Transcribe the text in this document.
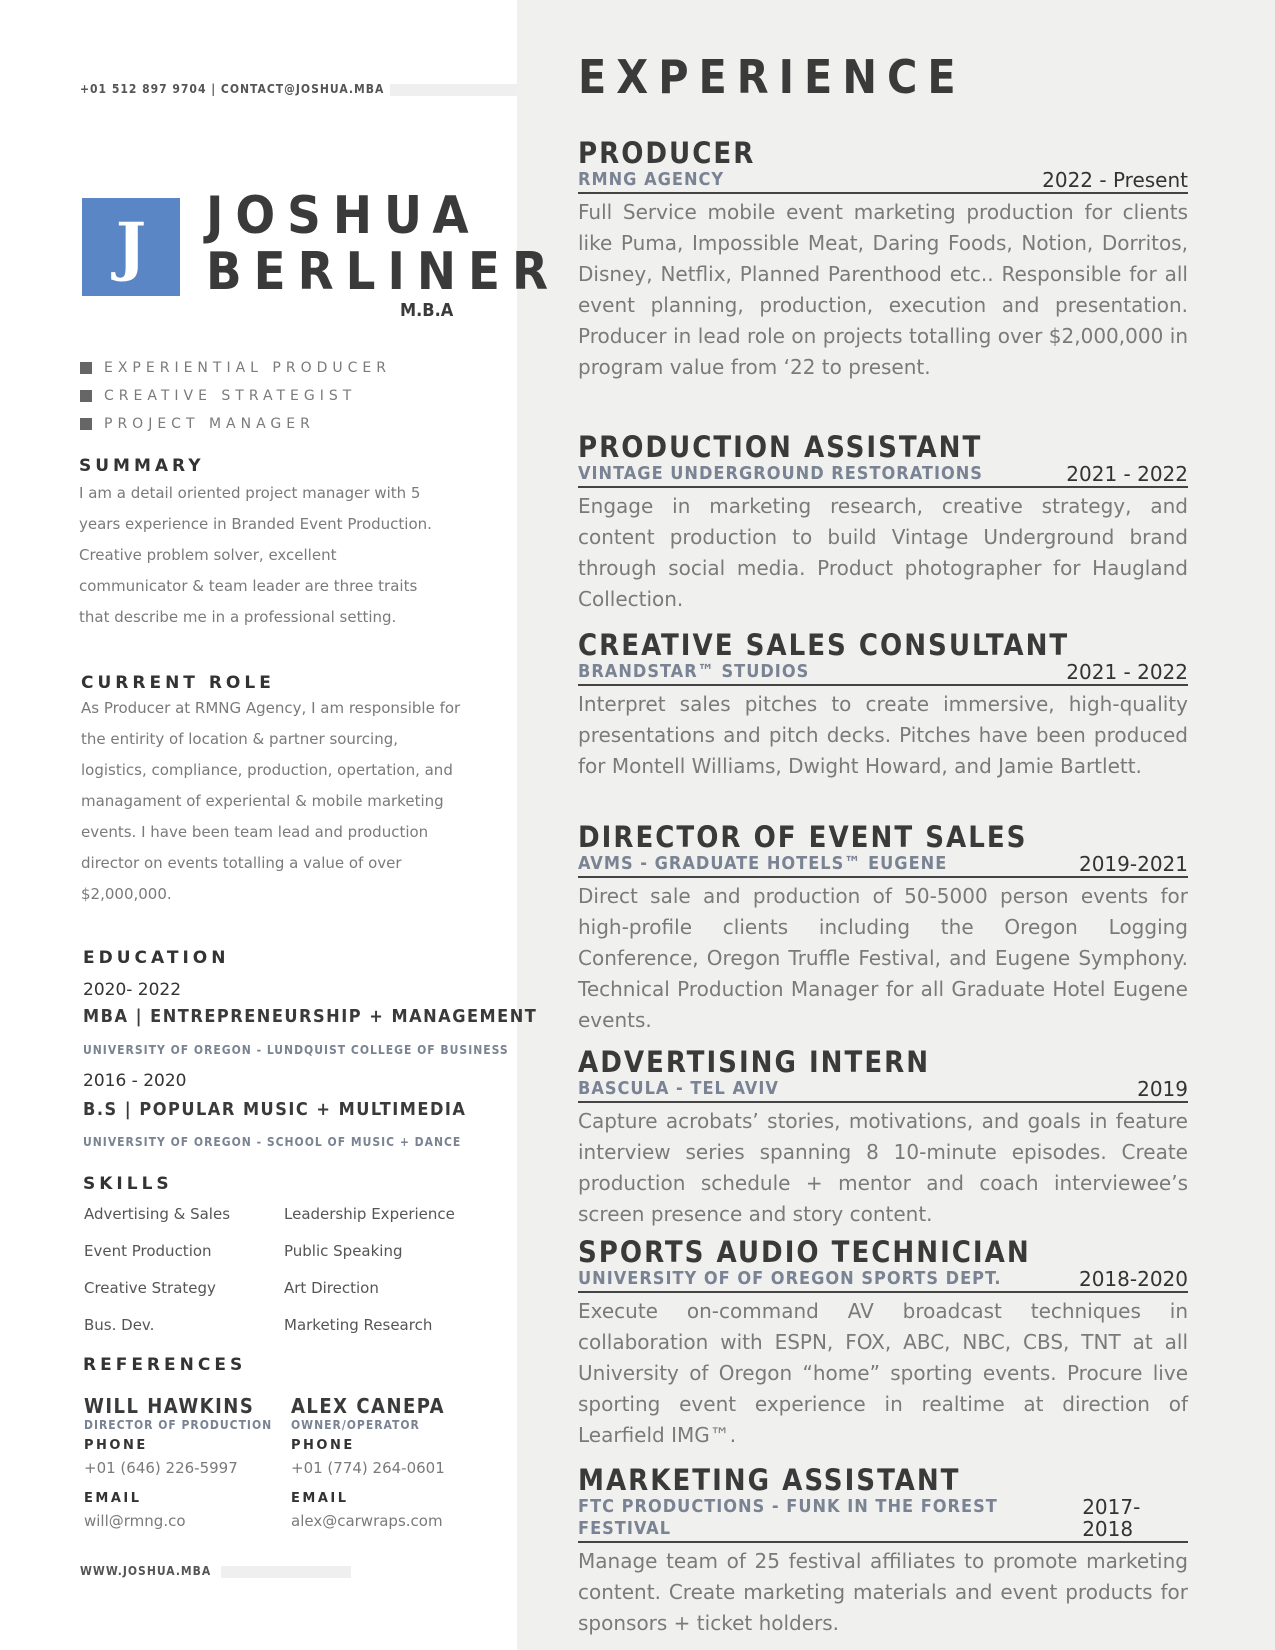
+01 512 897 9704 | CONTACT@JOSHUA.MBA
J	JOSHUA
BERLINER
M.B.A
EXPERIENTIAL PRODUCER
CREATIVE STRATEGIST
PROJECT MANAGER
SUMMARY
I am a detail oriented project manager with 5 years experience in Branded Event Production. Creative problem solver, excellent communicator & team leader are three traits that describe me in a professional setting.
CURRENT ROLE
As Producer at RMNG Agency, I am responsible for the entirity of location & partner sourcing, logistics, compliance, production, opertation, and managament of experiental & mobile marketing events. I have been team lead and production director on events totalling a value of over $2,000,000.
EDUCATION
2020- 2022
MBA | ENTREPRENEURSHIP + MANAGEMENT
UNIVERSITY OF OREGON - LUNDQUIST COLLEGE OF BUSINESS
2016 - 2020
B.S | POPULAR MUSIC + MULTIMEDIA
UNIVERSITY OF OREGON - SCHOOL OF MUSIC + DANCE
SKILLS
Advertising & Sales	Leadership Experience
Event Production	Public Speaking
Creative Strategy	Art Direction
Bus. Dev.	Marketing Research
REFERENCES
WILL HAWKINS
DIRECTOR OF PRODUCTION
PHONE
+01 (646) 226-5997
EMAIL
will@rmng.co
ALEX CANEPA
OWNER/OPERATOR
PHONE
+01 (774) 264-0601
EMAIL
alex@carwraps.com
WWW.JOSHUA.MBA
EXPERIENCE
PRODUCER
RMNG AGENCY	2022 - Present
Full Service mobile event marketing production for clients like Puma, Impossible Meat, Daring Foods, Notion, Dorritos, Disney, Netflix, Planned Parenthood etc.. Responsible for all event planning, production, execution and presentation. Producer in lead role on projects totalling over $2,000,000 in program value from ‘22 to present.
PRODUCTION ASSISTANT
VINTAGE UNDERGROUND RESTORATIONS	2021 - 2022
Engage in marketing research, creative strategy, and content production to build Vintage Underground brand through social media. Product photographer for Haugland Collection.
CREATIVE SALES CONSULTANT
BRANDSTAR™ STUDIOS	2021 - 2022
Interpret sales pitches to create immersive, high-quality presentations and pitch decks. Pitches have been produced for Montell Williams, Dwight Howard, and Jamie Bartlett.
DIRECTOR OF EVENT SALES
AVMS - GRADUATE HOTELS™ EUGENE	2019-2021
Direct sale and production of 50-5000 person events for high-profile clients including the Oregon Logging Conference, Oregon Truffle Festival, and Eugene Symphony. Technical Production Manager for all Graduate Hotel Eugene events.
ADVERTISING INTERN
BASCULA - TEL AVIV	2019
Capture acrobats’ stories, motivations, and goals in feature interview series spanning 8 10-minute episodes. Create production schedule + mentor and coach interviewee’s screen presence and story content.
SPORTS AUDIO TECHNICIAN
UNIVERSITY OF OF OREGON SPORTS DEPT.	2018-2020
Execute on-command AV broadcast techniques in collaboration with ESPN, FOX, ABC, NBC, CBS, TNT at all University of Oregon “home” sporting events. Procure live sporting event experience in realtime at direction of Learfield IMG™.
MARKETING ASSISTANT
FTC PRODUCTIONS - FUNK IN THE FOREST FESTIVAL
2017-2018
Manage team of 25 festival affiliates to promote marketing content. Create marketing materials and event products for sponsors + ticket holders.
